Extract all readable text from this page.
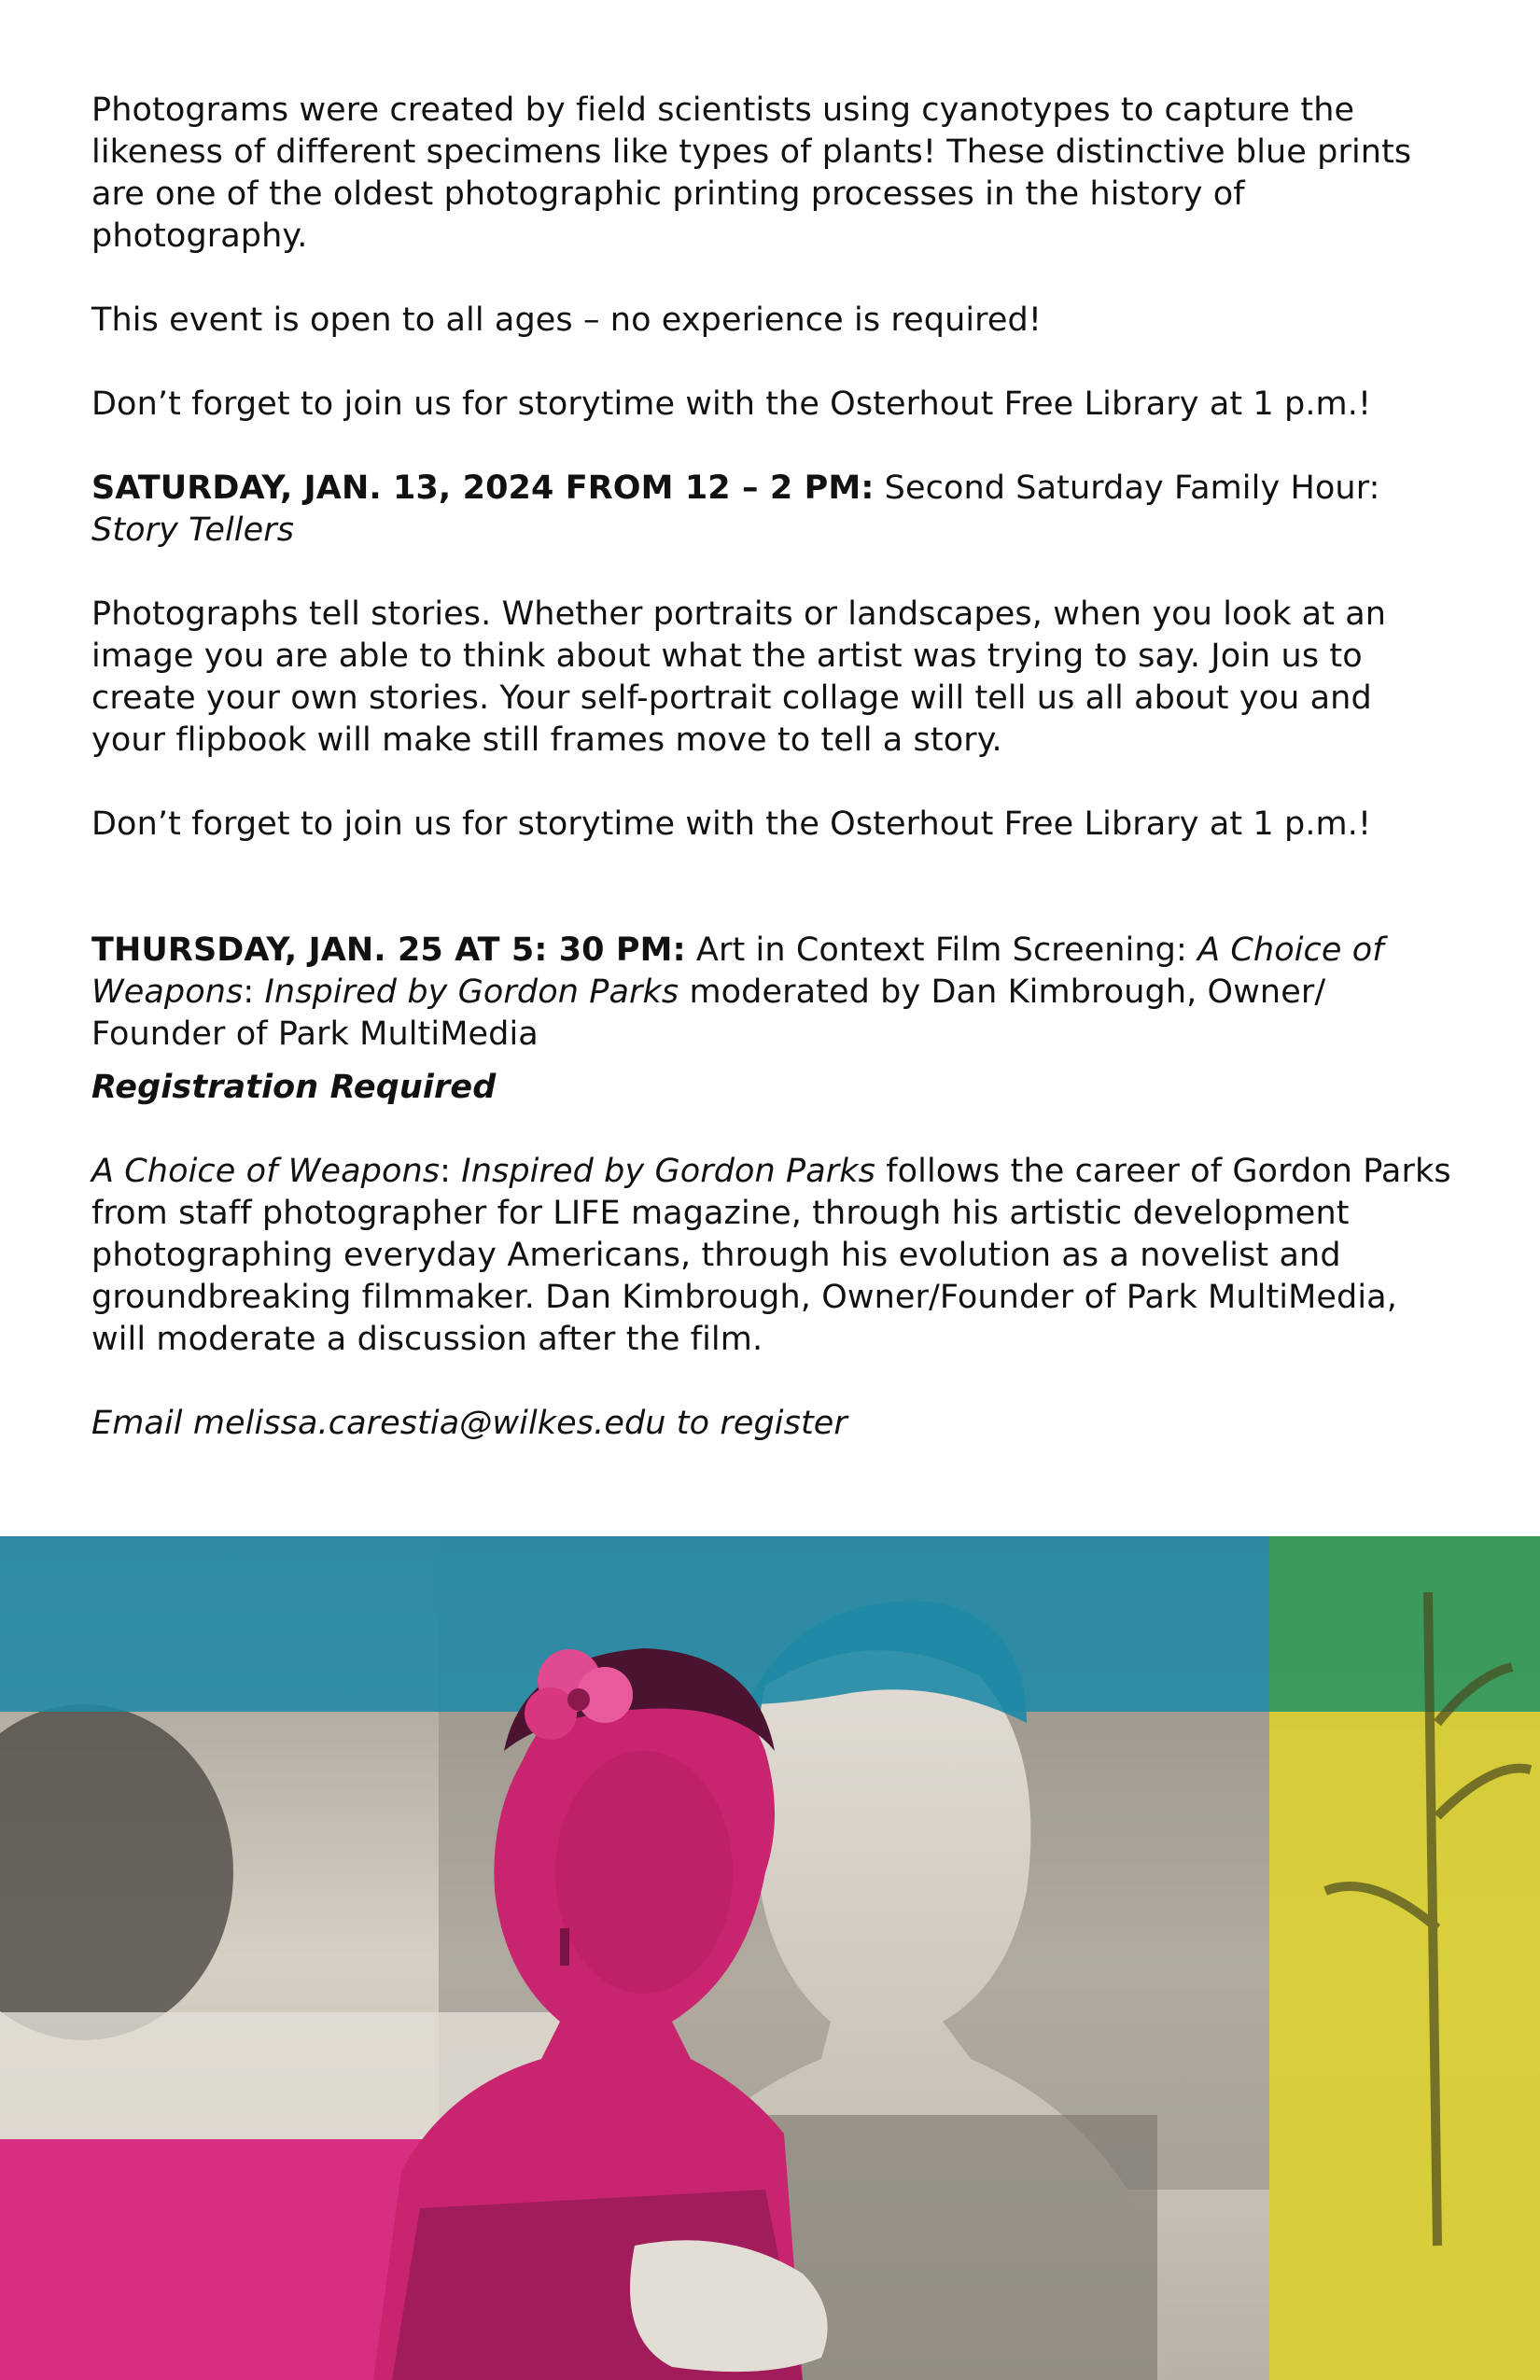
Photograms were created by field scientists using cyanotypes to capture the likeness of different specimens like types of plants! These distinctive blue prints are one of the oldest photographic printing processes in the history of photography.

This event is open to all ages – no experience is required!

Don’t forget to join us for storytime with the Osterhout Free Library at 1 p.m.!

SATURDAY, JAN. 13, 2024 FROM 12 – 2 PM: Second Saturday Family Hour:
Story Tellers

Photographs tell stories. Whether portraits or landscapes, when you look at an image you are able to think about what the artist was trying to say. Join us to create your own stories. Your self-portrait collage will tell us all about you and your flipbook will make still frames move to tell a story.

Don’t forget to join us for storytime with the Osterhout Free Library at 1 p.m.!

THURSDAY, JAN. 25 AT 5: 30 PM: Art in Context Film Screening: A Choice of Weapons: Inspired by Gordon Parks moderated by Dan Kimbrough, Owner/ Founder of Park MultiMedia

Registration Required

A Choice of Weapons: Inspired by Gordon Parks follows the career of Gordon Parks from staff photographer for LIFE magazine, through his artistic development photographing everyday Americans, through his evolution as a novelist and groundbreaking filmmaker. Dan Kimbrough, Owner/Founder of Park MultiMedia, will moderate a discussion after the film.

Email melissa.carestia@wilkes.edu to register
